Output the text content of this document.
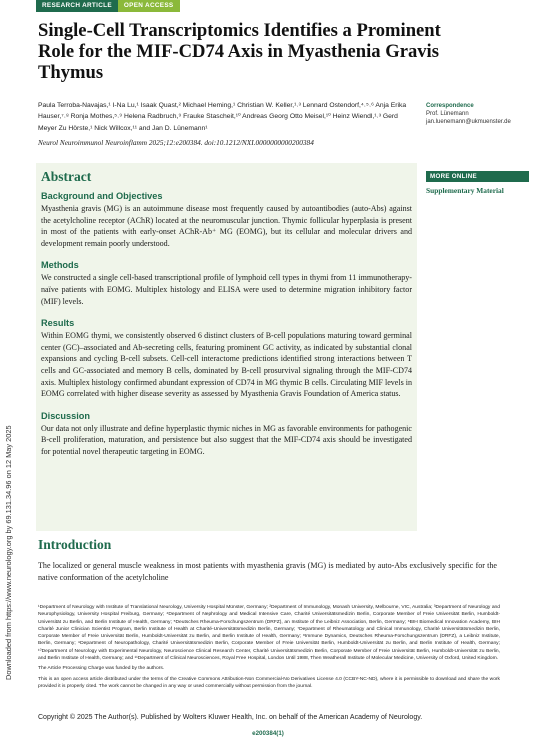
Downloaded from https://www.neurology.org by 69.131.34.96 on 12 May 2025
RESEARCH ARTICLE	OPEN ACCESS
Single-Cell Transcriptomics Identifies a Prominent Role for the MIF-CD74 Axis in Myasthenia Gravis Thymus
Paula Terroba-Navajas,¹ I-Na Lu,¹ Isaak Quast,² Michael Heming,¹ Christian W. Keller,¹˒³ Lennard Ostendorf,⁴˒⁵˒⁶ Anja Erika Hauser,⁷˒⁸ Ronja Mothes,⁵˒⁹ Helena Radbruch,⁹ Frauke Stascheit,¹⁰ Andreas Georg Otto Meisel,¹⁰ Heinz Wiendl,¹˒³ Gerd Meyer Zu Hörste,¹ Nick Willcox,¹¹ and Jan D. Lünemann¹
Neurol Neuroimmunol Neuroinflamm 2025;12:e200384. doi:10.1212/NXI.0000000000200384
Correspondence
Prof. Lünemann
jan.luenemann@ukmuenster.de
MORE ONLINE
Supplementary Material
Abstract
Background and Objectives

Myasthenia gravis (MG) is an autoimmune disease most frequently caused by autoantibodies (auto-Abs) against the acetylcholine receptor (AChR) located at the neuromuscular junction. Thymic follicular hyperplasia is present in most of the patients with early-onset AChR-Ab⁺ MG (EOMG), but its cellular and molecular drivers and development remain poorly understood.

Methods

We constructed a single cell-based transcriptional profile of lymphoid cell types in thymi from 11 immunotherapy-naïve patients with EOMG. Multiplex histology and ELISA were used to determine migration inhibitory factor (MIF) levels.

Results

Within EOMG thymi, we consistently observed 6 distinct clusters of B-cell populations maturing toward germinal center (GC)–associated and Ab-secreting cells, featuring prominent GC activity, as indicated by substantial clonal expansions and cycling B-cell subsets. Cell-cell interactome predictions identified strong interactions between T cells and GC-associated and memory B cells, dominated by B-cell prosurvival signaling through the MIF-CD74 axis. Multiplex histology confirmed abundant expression of CD74 in MG thymic B cells. Circulating MIF levels in EOMG correlated with higher disease severity as assessed by Myasthenia Gravis Foundation of America status.

Discussion

Our data not only illustrate and define hyperplastic thymic niches in MG as favorable environments for pathogenic B-cell proliferation, maturation, and persistence but also suggest that the MIF-CD74 axis should be investigated for potential novel therapeutic targeting in EOMG.

Introduction

The localized or general muscle weakness in most patients with myasthenia gravis (MG) is mediated by auto-Abs exclusively specific for the native conformation of the acetylcholine

¹Department of Neurology with Institute of Translational Neurology, University Hospital Münster, Germany; ²Department of Immunology, Monash University, Melbourne, VIC, Australia; ³Department of Neurology and Neurophysiology, University Hospital Freiburg, Germany; ⁴Department of Nephrology and Medical Intensive Care, Charité Universitätsmedizin Berlin, Corporate Member of Freie Universität Berlin, Humboldt-Universität zu Berlin, and Berlin Institute of Health, Germany; ⁵Deutsches Rheuma-Forschungszentrum (DRFZ), an Institute of the Leibniz Association, Berlin, Germany; ⁶BIH Biomedical Innovation Academy, BIH Charité Junior Clinician Scientist Program, Berlin Institute of Health at Charité-Universitätsmedizin Berlin, Germany; ⁷Department of Rheumatology and Clinical Immunology, Charité Universitätsmedizin Berlin, Corporate Member of Freie Universität Berlin, Humboldt-Universität zu Berlin, and Berlin Institute of Health, Germany; ⁸Immune Dynamics, Deutsches Rheuma-Forschungszentrum (DRFZ), a Leibniz Institute, Berlin, Germany; ⁹Department of Neuropathology, Charité Universitätsmedizin Berlin, Corporate Member of Freie Universität Berlin, Humboldt-Universität zu Berlin, and Berlin Institute of Health, Germany; ¹⁰Department of Neurology with Experimental Neurology, Neuroscience Clinical Research Center, Charité Universitätsmedizin Berlin, Corporate Member of Freie Universität Berlin, Humboldt-Universität zu Berlin, and Berlin Institute of Health, Germany; and ¹¹Department of Clinical Neurosciences, Royal Free Hospital, London Until 1988, Then Weatherall Institute of Molecular Medicine, University of Oxford, United Kingdom.

The Article Processing Charge was funded by the authors.

This is an open access article distributed under the terms of the Creative Commons Attribution-Non Commercial-No Derivatives License 4.0 (CCBY-NC-ND), where it is permissible to download and share the work provided it is properly cited. The work cannot be changed in any way or used commercially without permission from the journal.

Copyright © 2025 The Author(s). Published by Wolters Kluwer Health, Inc. on behalf of the American Academy of Neurology.
e200384(1)
